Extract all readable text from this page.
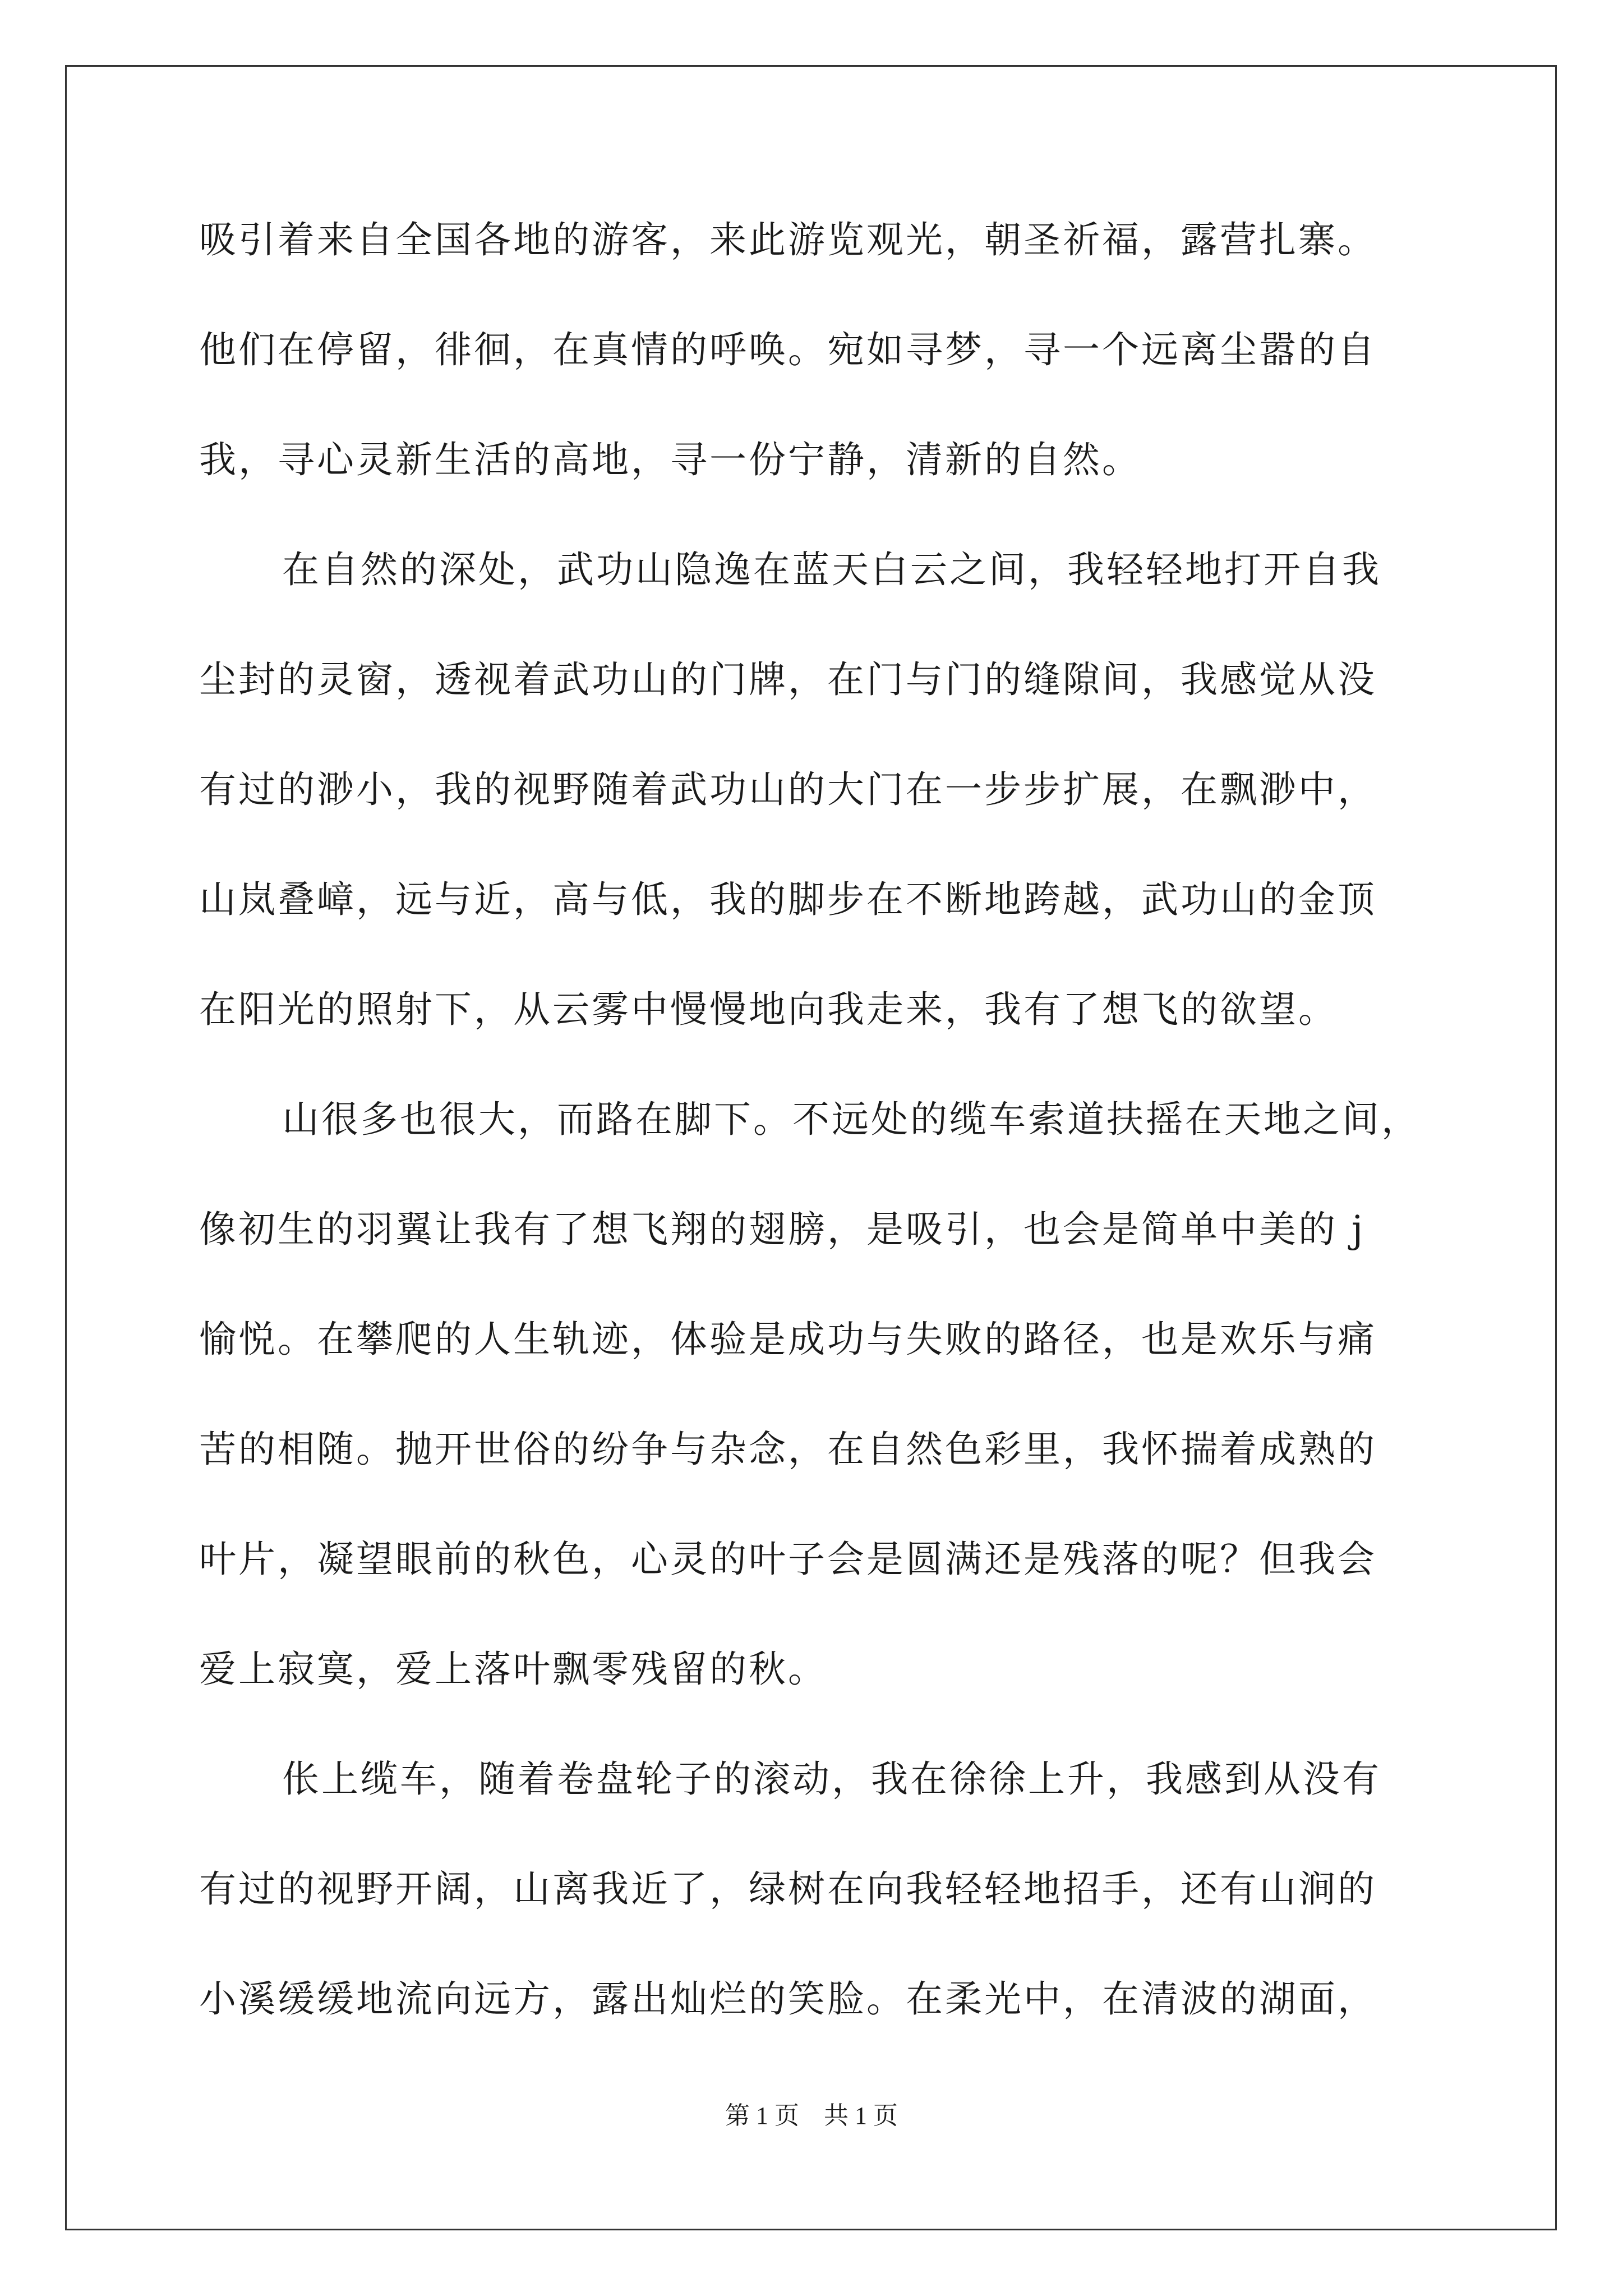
吸引着来自全国各地的游客，来此游览观光，朝圣祈福，露营扎寨。
他们在停留，徘徊，在真情的呼唤。宛如寻梦，寻一个远离尘嚣的自
我，寻心灵新生活的高地，寻一份宁静，清新的自然。
在自然的深处，武功山隐逸在蓝天白云之间，我轻轻地打开自我
尘封的灵窗，透视着武功山的门牌，在门与门的缝隙间，我感觉从没
有过的渺小，我的视野随着武功山的大门在一步步扩展，在飘渺中，
山岚叠嶂，远与近，高与低，我的脚步在不断地跨越，武功山的金顶
在阳光的照射下，从云雾中慢慢地向我走来，我有了想飞的欲望。
山很多也很大，而路在脚下。不远处的缆车索道扶摇在天地之间，
像初生的羽翼让我有了想飞翔的翅膀，是吸引，也会是简单中美的 j
愉悦。在攀爬的人生轨迹，体验是成功与失败的路径，也是欢乐与痛
苦的相随。抛开世俗的纷争与杂念，在自然色彩里，我怀揣着成熟的
叶片，凝望眼前的秋色，心灵的叶子会是圆满还是残落的呢？但我会
爱上寂寞，爱上落叶飘零残留的秋。
伥上缆车，随着卷盘轮子的滚动，我在徐徐上升，我感到从没有
有过的视野开阔，山离我近了，绿树在向我轻轻地招手，还有山涧的
小溪缓缓地流向远方，露出灿烂的笑脸。在柔光中，在清波的湖面，
第 1 页　共 1 页
